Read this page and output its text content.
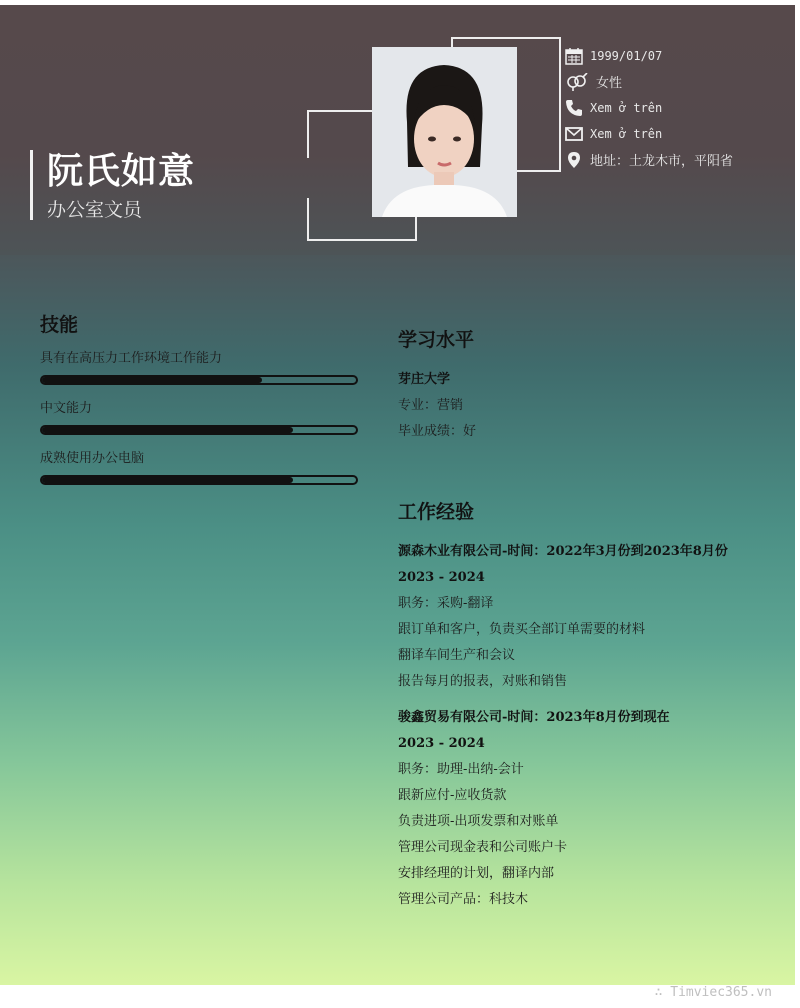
阮氏如意
办公室文员
1999/01/07
女性
Xem ở trên
Xem ở trên
地址：土龙木市，平阳省
技能
具有在高压力工作环境工作能力
中文能力
成熟使用办公电脑
学习水平
芽庄大学
专业：营销
毕业成绩：好
工作经验
源森木业有限公司-时间：2022年3月份到2023年8月份
2023 - 2024
职务：采购-翻译
跟订单和客户，负责买全部订单需要的材料
翻译车间生产和会议
报告每月的报表，对账和销售
骏鑫贸易有限公司-时间：2023年8月份到现在
2023 - 2024
职务：助理-出纳-会计
跟新应付-应收货款
负责进项-出项发票和对账单
管理公司现金表和公司账户卡
安排经理的计划，翻译内部
管理公司产品：科技木
∴ Timviec365.vn
